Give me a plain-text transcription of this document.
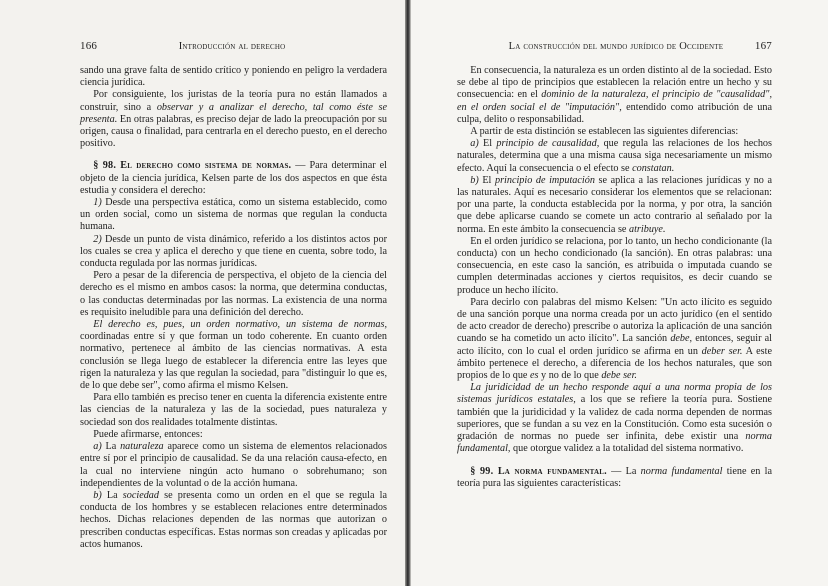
166	Introducción al derecho

sando una grave falta de sentido crítico y poniendo en peligro la verdadera ciencia jurídica.

Por consiguiente, los juristas de la teoría pura no están llamados a construir, sino a observar y a analizar el derecho, tal como éste se presenta. En otras palabras, es preciso dejar de lado la preocupación por su origen, causa o finalidad, para centrarla en el derecho puesto, en el derecho positivo.

§ 98. El derecho como sistema de normas. — Para determinar el objeto de la ciencia jurídica, Kelsen parte de los dos aspectos en que ésta estudia y considera el derecho:

1) Desde una perspectiva estática, como un sistema establecido, como un orden social, como un sistema de normas que regulan la conducta humana.

2) Desde un punto de vista dinámico, referido a los distintos actos por los cuales se crea y aplica el derecho y que tiene en cuenta, sobre todo, la conducta regulada por las normas jurídicas.

Pero a pesar de la diferencia de perspectiva, el objeto de la ciencia del derecho es el mismo en ambos casos: la norma, que determina conductas, o las conductas determinadas por las normas. La existencia de una norma es requisito ineludible para una definición del derecho.

El derecho es, pues, un orden normativo, un sistema de normas, coordinadas entre sí y que forman un todo coherente. En cuanto orden normativo, pertenece al ámbito de las ciencias normativas. A esta conclusión se llega luego de establecer la diferencia entre las leyes que rigen la naturaleza y las que regulan la sociedad, para "distinguir lo que es, de lo que debe ser", como afirma el mismo Kelsen.

Para ello también es preciso tener en cuenta la diferencia existente entre las ciencias de la naturaleza y las de la sociedad, pues naturaleza y sociedad son dos realidades totalmente distintas.

Puede afirmarse, entonces:

a) La naturaleza aparece como un sistema de elementos relacionados entre sí por el principio de causalidad. Se da una relación causa-efecto, en la cual no interviene ningún acto humano o sobrehumano; son independientes de la voluntad o de la acción humana.

b) La sociedad se presenta como un orden en el que se regula la conducta de los hombres y se establecen relaciones entre determinados hechos. Dichas relaciones dependen de las normas que autorizan o prescriben conductas específicas. Estas normas son creadas y aplicadas por actos humanos.

La construcción del mundo jurídico de Occidente	167

En consecuencia, la naturaleza es un orden distinto al de la sociedad. Esto se debe al tipo de principios que establecen la relación entre un hecho y su consecuencia: en el dominio de la naturaleza, el principio de "causalidad", en el orden social el de "imputación", entendido como atribución de una culpa, delito o responsabilidad.

A partir de esta distinción se establecen las siguientes diferencias:

a) El principio de causalidad, que regula las relaciones de los hechos naturales, determina que a una misma causa siga necesariamente un mismo efecto. Aquí la consecuencia o el efecto se constatan.

b) El principio de imputación se aplica a las relaciones jurídicas y no a las naturales. Aquí es necesario considerar los elementos que se relacionan: por una parte, la conducta establecida por la norma, y por otra, la sanción que debe aplicarse cuando se comete un acto contrario al señalado por la norma. En este ámbito la consecuencia se atribuye.

En el orden jurídico se relaciona, por lo tanto, un hecho condicionante (la conducta) con un hecho condicionado (la sanción). En otras palabras: una consecuencia, en este caso la sanción, es atribuida o imputada cuando se cumplen determinadas acciones y ciertos requisitos, es decir cuando se produce un hecho ilícito.

Para decirlo con palabras del mismo Kelsen: "Un acto ilícito es seguido de una sanción porque una norma creada por un acto jurídico (en el sentido de acto creador de derecho) prescribe o autoriza la aplicación de una sanción cuando se ha cometido un acto ilícito". La sanción debe, entonces, seguir al acto ilícito, con lo cual el orden jurídico se afirma en un deber ser. A este ámbito pertenece el derecho, a diferencia de los hechos naturales, que son propios de lo que es y no de lo que debe ser.

La juridicidad de un hecho responde aquí a una norma propia de los sistemas jurídicos estatales, a los que se refiere la teoría pura. Sostiene también que la juridicidad y la validez de cada norma dependen de normas superiores, que se fundan a su vez en la Constitución. Como esta sucesión o gradación de normas no puede ser infinita, debe existir una norma fundamental, que otorgue validez a la totalidad del sistema normativo.

§ 99. La norma fundamental. — La norma fundamental tiene en la teoría pura las siguientes características:
